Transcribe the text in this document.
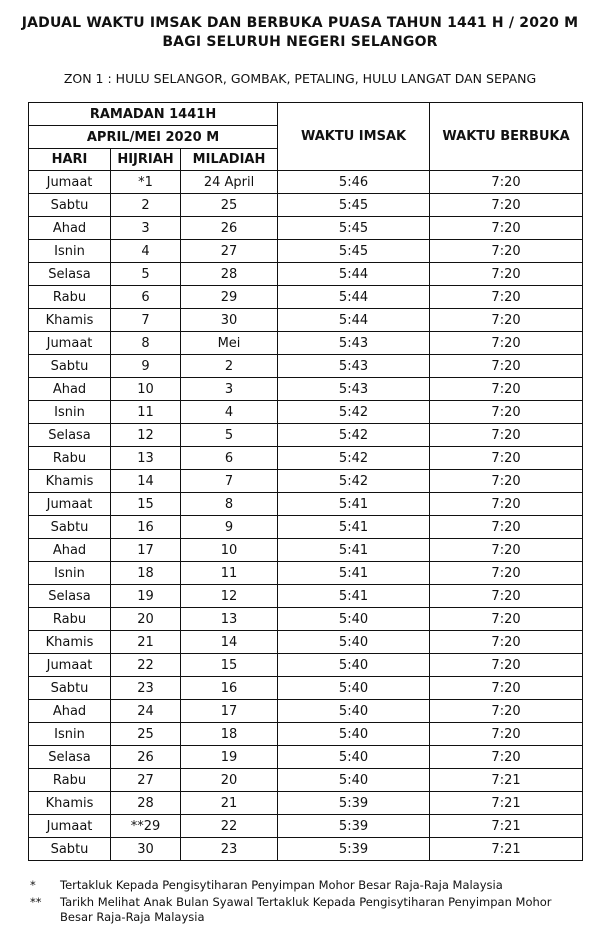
JADUAL WAKTU IMSAK DAN BERBUKA PUASA TAHUN 1441 H / 2020 M
BAGI SELURUH NEGERI SELANGOR
ZON 1 : HULU SELANGOR, GOMBAK, PETALING, HULU LANGAT DAN SEPANG
RAMADAN 1441H			WAKTU IMSAK	WAKTU BERBUKA
APRIL/MEI 2020 M				
HARI	HIJRIAH	MILADIAH		
Jumaat	*1	24 April	5:46	7:20
Sabtu	2	25	5:45	7:20
Ahad	3	26	5:45	7:20
Isnin	4	27	5:45	7:20
Selasa	5	28	5:44	7:20
Rabu	6	29	5:44	7:20
Khamis	7	30	5:44	7:20
Jumaat	8	Mei	5:43	7:20
Sabtu	9	2	5:43	7:20
Ahad	10	3	5:43	7:20
Isnin	11	4	5:42	7:20
Selasa	12	5	5:42	7:20
Rabu	13	6	5:42	7:20
Khamis	14	7	5:42	7:20
Jumaat	15	8	5:41	7:20
Sabtu	16	9	5:41	7:20
Ahad	17	10	5:41	7:20
Isnin	18	11	5:41	7:20
Selasa	19	12	5:41	7:20
Rabu	20	13	5:40	7:20
Khamis	21	14	5:40	7:20
Jumaat	22	15	5:40	7:20
Sabtu	23	16	5:40	7:20
Ahad	24	17	5:40	7:20
Isnin	25	18	5:40	7:20
Selasa	26	19	5:40	7:20
Rabu	27	20	5:40	7:21
Khamis	28	21	5:39	7:21
Jumaat	**29	22	5:39	7:21
Sabtu	30	23	5:39	7:21
*	Tertakluk Kepada Pengisytiharan Penyimpan Mohor Besar Raja-Raja Malaysia
**	Tarikh Melihat Anak Bulan Syawal Tertakluk Kepada Pengisytiharan Penyimpan Mohor Besar Raja-Raja Malaysia
